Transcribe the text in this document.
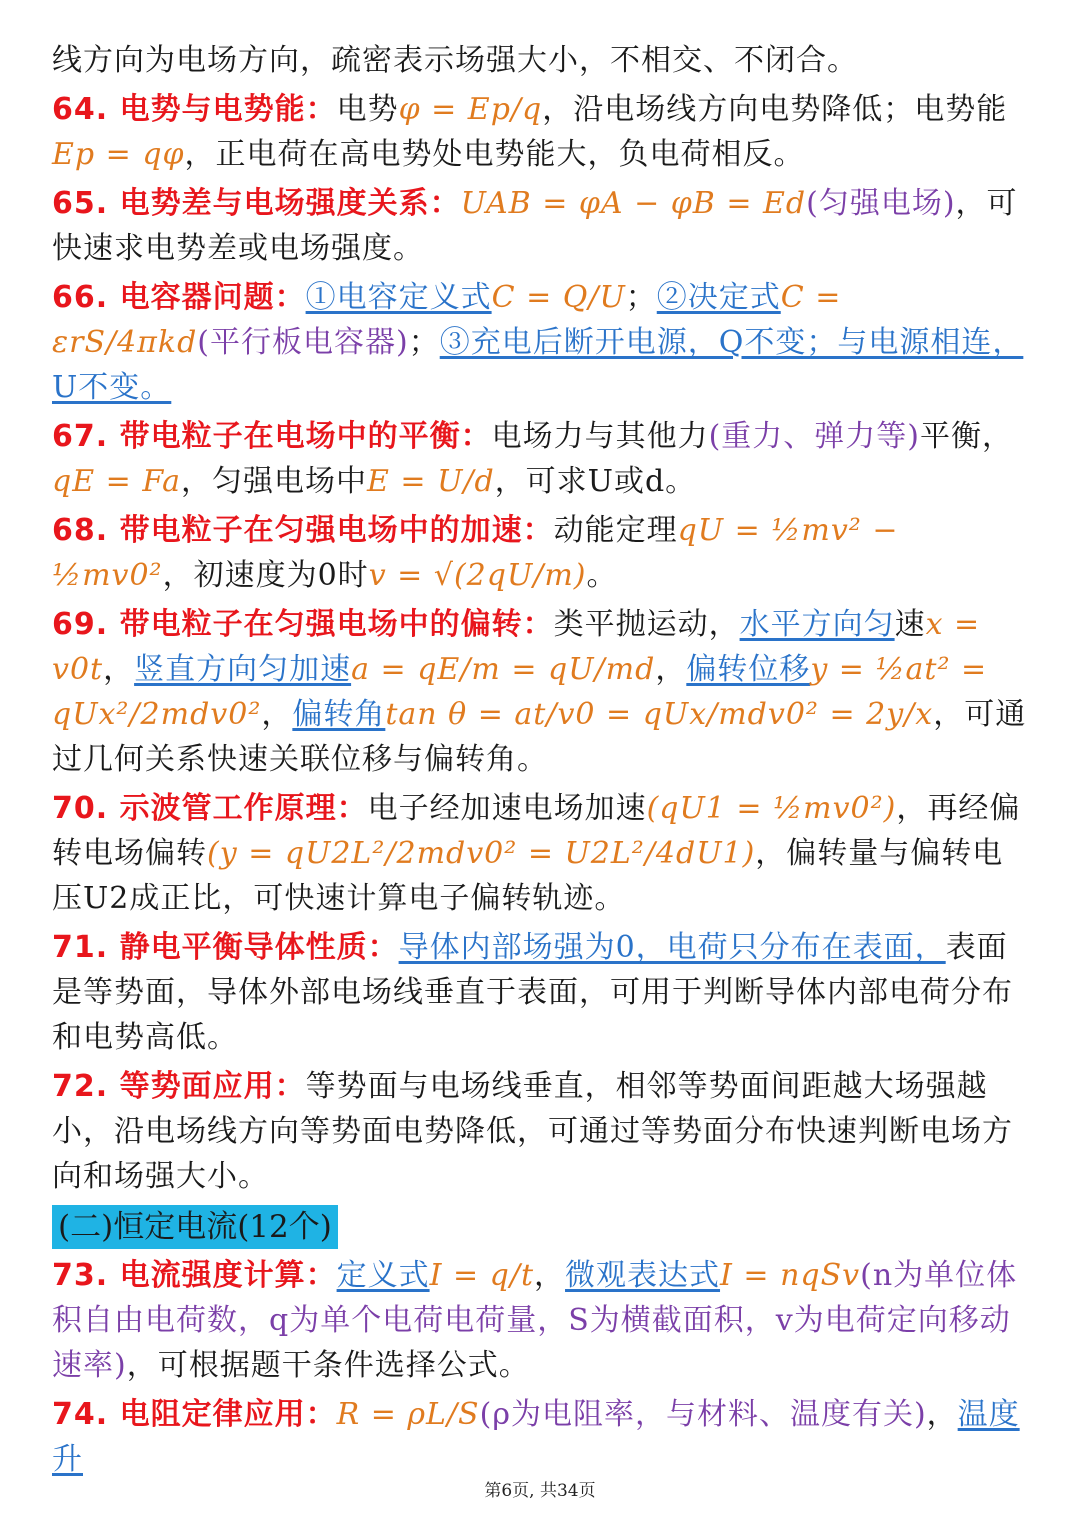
线方向为电场方向，疏密表示场强大小，不相交、不闭合。

64. 电势与电势能：电势φ = Ep/q，沿电场线方向电势降低；电势能Ep = qφ，正电荷在高电势处电势能大，负电荷相反。

65. 电势差与电场强度关系：UAB = φA − φB = Ed(匀强电场)，可快速求电势差或电场强度。

66. 电容器问题：①电容定义式C = Q/U；②决定式C = εrS/4πkd(平行板电容器)；③充电后断开电源，Q不变；与电源相连，U不变。

67. 带电粒子在电场中的平衡：电场力与其他力(重力、弹力等)平衡，qE = Fa，匀强电场中E = U/d，可求U或d。

68. 带电粒子在匀强电场中的加速：动能定理qU = ½mv² − ½mv0²，初速度为0时v = √(2qU/m)。

69. 带电粒子在匀强电场中的偏转：类平抛运动，水平方向匀速x = v0t，竖直方向匀加速a = qE/m = qU/md，偏转位移y = ½at² = qUx²/2mdv0²，偏转角tan θ = at/v0 = qUx/mdv0² = 2y/x，可通过几何关系快速关联位移与偏转角。

70. 示波管工作原理：电子经加速电场加速(qU1 = ½mv0²)，再经偏转电场偏转(y = qU2L²/2mdv0² = U2L²/4dU1)，偏转量与偏转电压U2成正比，可快速计算电子偏转轨迹。

71. 静电平衡导体性质：导体内部场强为0，电荷只分布在表面，表面是等势面，导体外部电场线垂直于表面，可用于判断导体内部电荷分布和电势高低。

72. 等势面应用：等势面与电场线垂直，相邻等势面间距越大场强越小，沿电场线方向等势面电势降低，可通过等势面分布快速判断电场方向和场强大小。

(二)恒定电流(12个)

73. 电流强度计算：定义式I = q/t，微观表达式I = nqSv(n为单位体积自由电荷数，q为单个电荷电荷量，S为横截面积，v为电荷定向移动速率)，可根据题干条件选择公式。

74. 电阻定律应用：R = ρL/S(ρ为电阻率，与材料、温度有关)，温度升

第6页, 共34页
